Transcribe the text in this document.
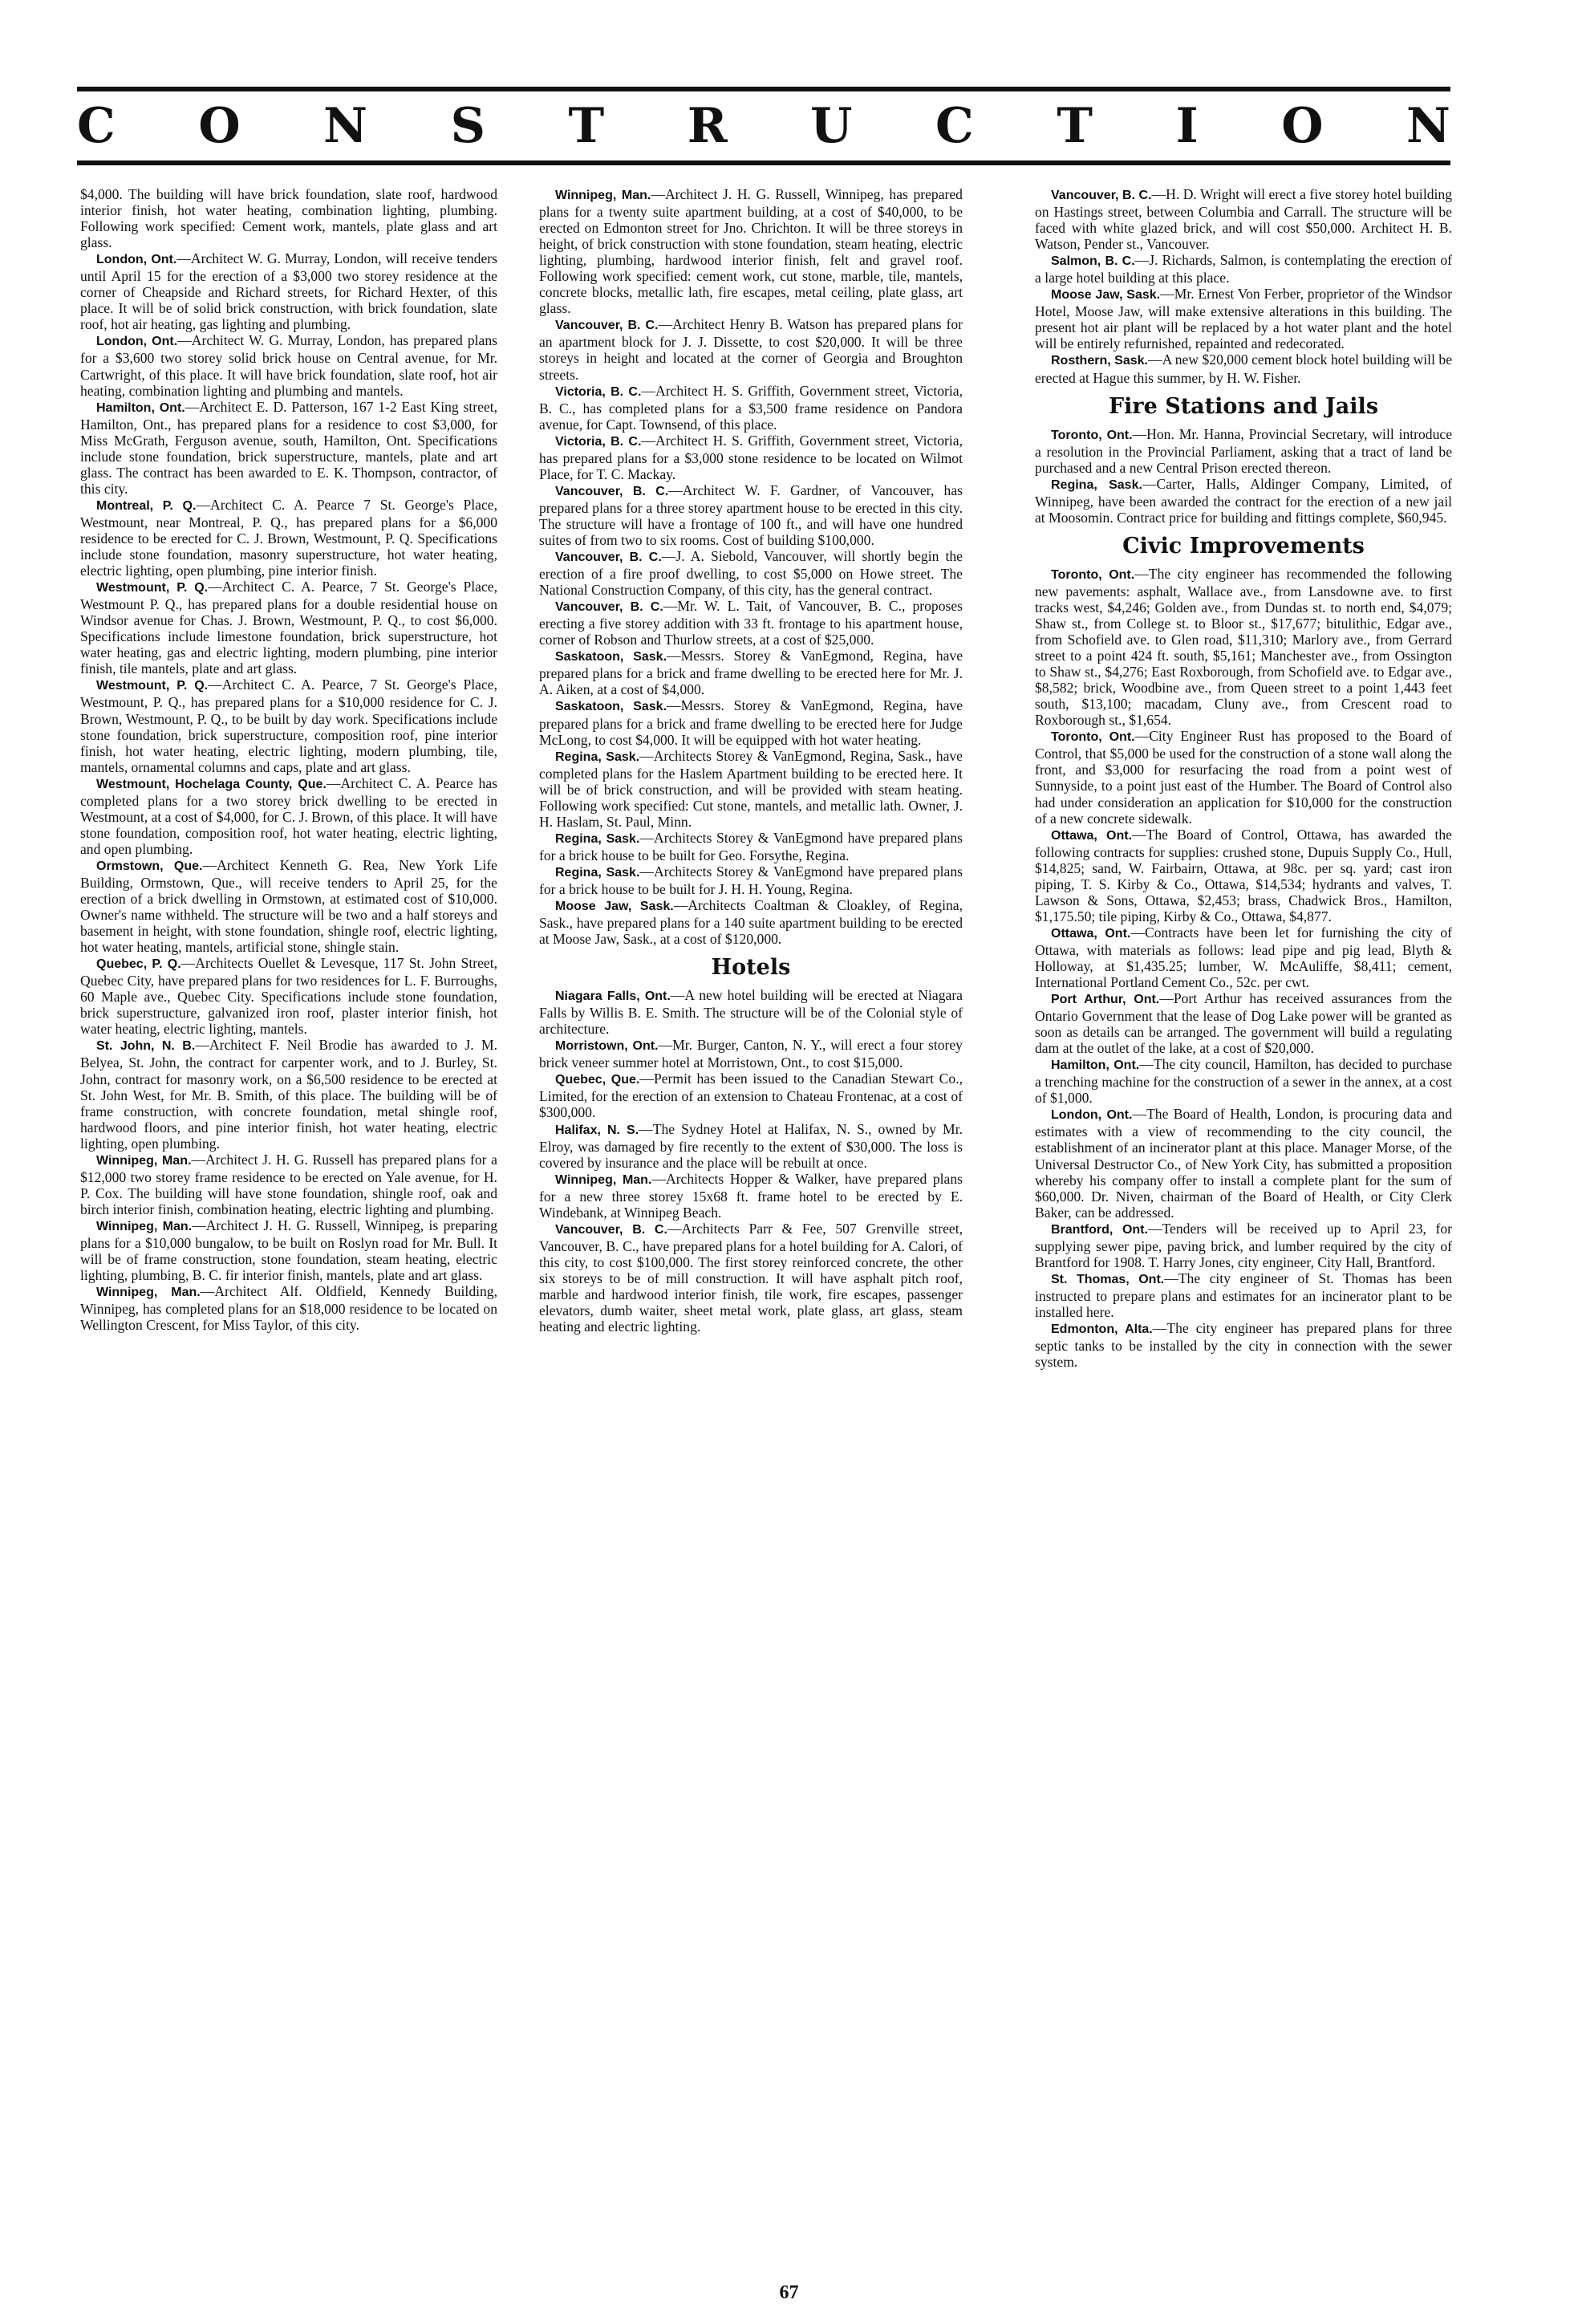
C O N S T R U C T I O N

$4,000. The building will have brick foundation, slate roof, hardwood interior finish, hot water heating, combination lighting, plumbing. Following work specified: Cement work, mantels, plate glass and art glass.

London, Ont.—Architect W. G. Murray, London, will receive tenders until April 15 for the erection of a $3,000 two storey residence at the corner of Cheapside and Richard streets, for Richard Hexter, of this place. It will be of solid brick construction, with brick foundation, slate roof, hot air heating, gas lighting and plumbing.

London, Ont.—Architect W. G. Murray, London, has prepared plans for a $3,600 two storey solid brick house on Central avenue, for Mr. Cartwright, of this place. It will have brick foundation, slate roof, hot air heating, combination lighting and plumbing and mantels.

Hamilton, Ont.—Architect E. D. Patterson, 167 1-2 East King street, Hamilton, Ont., has prepared plans for a residence to cost $3,000, for Miss McGrath, Ferguson avenue, south, Hamilton, Ont. Specifications include stone foundation, brick superstructure, mantels, plate and art glass. The contract has been awarded to E. K. Thompson, contractor, of this city.

Montreal, P. Q.—Architect C. A. Pearce 7 St. George's Place, Westmount, near Montreal, P. Q., has prepared plans for a $6,000 residence to be erected for C. J. Brown, Westmount, P. Q. Specifications include stone foundation, masonry superstructure, hot water heating, electric lighting, open plumbing, pine interior finish.

Westmount, P. Q.—Architect C. A. Pearce, 7 St. George's Place, Westmount P. Q., has prepared plans for a double residential house on Windsor avenue for Chas. J. Brown, Westmount, P. Q., to cost $6,000. Specifications include limestone foundation, brick superstructure, hot water heating, gas and electric lighting, modern plumbing, pine interior finish, tile mantels, plate and art glass.

Westmount, P. Q.—Architect C. A. Pearce, 7 St. George's Place, Westmount, P. Q., has prepared plans for a $10,000 residence for C. J. Brown, Westmount, P. Q., to be built by day work. Specifications include stone foundation, brick superstructure, composition roof, pine interior finish, hot water heating, electric lighting, modern plumbing, tile, mantels, ornamental columns and caps, plate and art glass.

Westmount, Hochelaga County, Que.—Architect C. A. Pearce has completed plans for a two storey brick dwelling to be erected in Westmount, at a cost of $4,000, for C. J. Brown, of this place. It will have stone foundation, composition roof, hot water heating, electric lighting, and open plumbing.

Ormstown, Que.—Architect Kenneth G. Rea, New York Life Building, Ormstown, Que., will receive tenders to April 25, for the erection of a brick dwelling in Ormstown, at estimated cost of $10,000. Owner's name withheld. The structure will be two and a half storeys and basement in height, with stone foundation, shingle roof, electric lighting, hot water heating, mantels, artificial stone, shingle stain.

Quebec, P. Q.—Architects Ouellet & Levesque, 117 St. John Street, Quebec City, have prepared plans for two residences for L. F. Burroughs, 60 Maple ave., Quebec City. Specifications include stone foundation, brick superstructure, galvanized iron roof, plaster interior finish, hot water heating, electric lighting, mantels.

St. John, N. B.—Architect F. Neil Brodie has awarded to J. M. Belyea, St. John, the contract for carpenter work, and to J. Burley, St. John, contract for masonry work, on a $6,500 residence to be erected at St. John West, for Mr. B. Smith, of this place. The building will be of frame construction, with concrete foundation, metal shingle roof, hardwood floors, and pine interior finish, hot water heating, electric lighting, open plumbing.

Winnipeg, Man.—Architect J. H. G. Russell has prepared plans for a $12,000 two storey frame residence to be erected on Yale avenue, for H. P. Cox. The building will have stone foundation, shingle roof, oak and birch interior finish, combination heating, electric lighting and plumbing.

Winnipeg, Man.—Architect J. H. G. Russell, Winnipeg, is preparing plans for a $10,000 bungalow, to be built on Roslyn road for Mr. Bull. It will be of frame construction, stone foundation, steam heating, electric lighting, plumbing, B. C. fir interior finish, mantels, plate and art glass.

Winnipeg, Man.—Architect Alf. Oldfield, Kennedy Building, Winnipeg, has completed plans for an $18,000 residence to be located on Wellington Crescent, for Miss Taylor, of this city.

Winnipeg, Man.—Architect J. H. G. Russell, Winnipeg, has prepared plans for a twenty suite apartment building, at a cost of $40,000, to be erected on Edmonton street for Jno. Chrichton. It will be three storeys in height, of brick construction with stone foundation, steam heating, electric lighting, plumbing, hardwood interior finish, felt and gravel roof. Following work specified: cement work, cut stone, marble, tile, mantels, concrete blocks, metallic lath, fire escapes, metal ceiling, plate glass, art glass.

Vancouver, B. C.—Architect Henry B. Watson has prepared plans for an apartment block for J. J. Dissette, to cost $20,000. It will be three storeys in height and located at the corner of Georgia and Broughton streets.

Victoria, B. C.—Architect H. S. Griffith, Government street, Victoria, B. C., has completed plans for a $3,500 frame residence on Pandora avenue, for Capt. Townsend, of this place.

Victoria, B. C.—Architect H. S. Griffith, Government street, Victoria, has prepared plans for a $3,000 stone residence to be located on Wilmot Place, for T. C. Mackay.

Vancouver, B. C.—Architect W. F. Gardner, of Vancouver, has prepared plans for a three storey apartment house to be erected in this city. The structure will have a frontage of 100 ft., and will have one hundred suites of from two to six rooms. Cost of building $100,000.

Vancouver, B. C.—J. A. Siebold, Vancouver, will shortly begin the erection of a fire proof dwelling, to cost $5,000 on Howe street. The National Construction Company, of this city, has the general contract.

Vancouver, B. C.—Mr. W. L. Tait, of Vancouver, B. C., proposes erecting a five storey addition with 33 ft. frontage to his apartment house, corner of Robson and Thurlow streets, at a cost of $25,000.

Saskatoon, Sask.—Messrs. Storey & VanEgmond, Regina, have prepared plans for a brick and frame dwelling to be erected here for Mr. J. A. Aiken, at a cost of $4,000.

Saskatoon, Sask.—Messrs. Storey & VanEgmond, Regina, have prepared plans for a brick and frame dwelling to be erected here for Judge McLong, to cost $4,000. It will be equipped with hot water heating.

Regina, Sask.—Architects Storey & VanEgmond, Regina, Sask., have completed plans for the Haslem Apartment building to be erected here. It will be of brick construction, and will be provided with steam heating. Following work specified: Cut stone, mantels, and metallic lath. Owner, J. H. Haslam, St. Paul, Minn.

Regina, Sask.—Architects Storey & VanEgmond have prepared plans for a brick house to be built for Geo. Forsythe, Regina.

Regina, Sask.—Architects Storey & VanEgmond have prepared plans for a brick house to be built for J. H. H. Young, Regina.

Moose Jaw, Sask.—Architects Coaltman & Cloakley, of Regina, Sask., have prepared plans for a 140 suite apartment building to be erected at Moose Jaw, Sask., at a cost of $120,000.

Hotels

Niagara Falls, Ont.—A new hotel building will be erected at Niagara Falls by Willis B. E. Smith. The structure will be of the Colonial style of architecture.

Morristown, Ont.—Mr. Burger, Canton, N. Y., will erect a four storey brick veneer summer hotel at Morristown, Ont., to cost $15,000.

Quebec, Que.—Permit has been issued to the Canadian Stewart Co., Limited, for the erection of an extension to Chateau Frontenac, at a cost of $300,000.

Halifax, N. S.—The Sydney Hotel at Halifax, N. S., owned by Mr. Elroy, was damaged by fire recently to the extent of $30,000. The loss is covered by insurance and the place will be rebuilt at once.

Winnipeg, Man.—Architects Hopper & Walker, have prepared plans for a new three storey 15x68 ft. frame hotel to be erected by E. Windebank, at Winnipeg Beach.

Vancouver, B. C.—Architects Parr & Fee, 507 Grenville street, Vancouver, B. C., have prepared plans for a hotel building for A. Calori, of this city, to cost $100,000. The first storey reinforced concrete, the other six storeys to be of mill construction. It will have asphalt pitch roof, marble and hardwood interior finish, tile work, fire escapes, passenger elevators, dumb waiter, sheet metal work, plate glass, art glass, steam heating and electric lighting.

Vancouver, B. C.—H. D. Wright will erect a five storey hotel building on Hastings street, between Columbia and Carrall. The structure will be faced with white glazed brick, and will cost $50,000. Architect H. B. Watson, Pender st., Vancouver.

Salmon, B. C.—J. Richards, Salmon, is contemplating the erection of a large hotel building at this place.

Moose Jaw, Sask.—Mr. Ernest Von Ferber, proprietor of the Windsor Hotel, Moose Jaw, will make extensive alterations in this building. The present hot air plant will be replaced by a hot water plant and the hotel will be entirely refurnished, repainted and redecorated.

Rosthern, Sask.—A new $20,000 cement block hotel building will be erected at Hague this summer, by H. W. Fisher.

Fire Stations and Jails

Toronto, Ont.—Hon. Mr. Hanna, Provincial Secretary, will introduce a resolution in the Provincial Parliament, asking that a tract of land be purchased and a new Central Prison erected thereon.

Regina, Sask.—Carter, Halls, Aldinger Company, Limited, of Winnipeg, have been awarded the contract for the erection of a new jail at Moosomin. Contract price for building and fittings complete, $60,945.

Civic Improvements

Toronto, Ont.—The city engineer has recommended the following new pavements: asphalt, Wallace ave., from Lansdowne ave. to first tracks west, $4,246; Golden ave., from Dundas st. to north end, $4,079; Shaw st., from College st. to Bloor st., $17,677; bitulithic, Edgar ave., from Schofield ave. to Glen road, $11,310; Marlory ave., from Gerrard street to a point 424 ft. south, $5,161; Manchester ave., from Ossington to Shaw st., $4,276; East Roxborough, from Schofield ave. to Edgar ave., $8,582; brick, Woodbine ave., from Queen street to a point 1,443 feet south, $13,100; macadam, Cluny ave., from Crescent road to Roxborough st., $1,654.

Toronto, Ont.—City Engineer Rust has proposed to the Board of Control, that $5,000 be used for the construction of a stone wall along the front, and $3,000 for resurfacing the road from a point west of Sunnyside, to a point just east of the Humber. The Board of Control also had under consideration an application for $10,000 for the construction of a new concrete sidewalk.

Ottawa, Ont.—The Board of Control, Ottawa, has awarded the following contracts for supplies: crushed stone, Dupuis Supply Co., Hull, $14,825; sand, W. Fairbairn, Ottawa, at 98c. per sq. yard; cast iron piping, T. S. Kirby & Co., Ottawa, $14,534; hydrants and valves, T. Lawson & Sons, Ottawa, $2,453; brass, Chadwick Bros., Hamilton, $1,175.50; tile piping, Kirby & Co., Ottawa, $4,877.

Ottawa, Ont.—Contracts have been let for furnishing the city of Ottawa, with materials as follows: lead pipe and pig lead, Blyth & Holloway, at $1,435.25; lumber, W. McAuliffe, $8,411; cement, International Portland Cement Co., 52c. per cwt.

Port Arthur, Ont.—Port Arthur has received assurances from the Ontario Government that the lease of Dog Lake power will be granted as soon as details can be arranged. The government will build a regulating dam at the outlet of the lake, at a cost of $20,000.

Hamilton, Ont.—The city council, Hamilton, has decided to purchase a trenching machine for the construction of a sewer in the annex, at a cost of $1,000.

London, Ont.—The Board of Health, London, is procuring data and estimates with a view of recommending to the city council, the establishment of an incinerator plant at this place. Manager Morse, of the Universal Destructor Co., of New York City, has submitted a proposition whereby his company offer to install a complete plant for the sum of $60,000. Dr. Niven, chairman of the Board of Health, or City Clerk Baker, can be addressed.

Brantford, Ont.—Tenders will be received up to April 23, for supplying sewer pipe, paving brick, and lumber required by the city of Brantford for 1908. T. Harry Jones, city engineer, City Hall, Brantford.

St. Thomas, Ont.—The city engineer of St. Thomas has been instructed to prepare plans and estimates for an incinerator plant to be installed here.

Edmonton, Alta.—The city engineer has prepared plans for three septic tanks to be installed by the city in connection with the sewer system.

67
